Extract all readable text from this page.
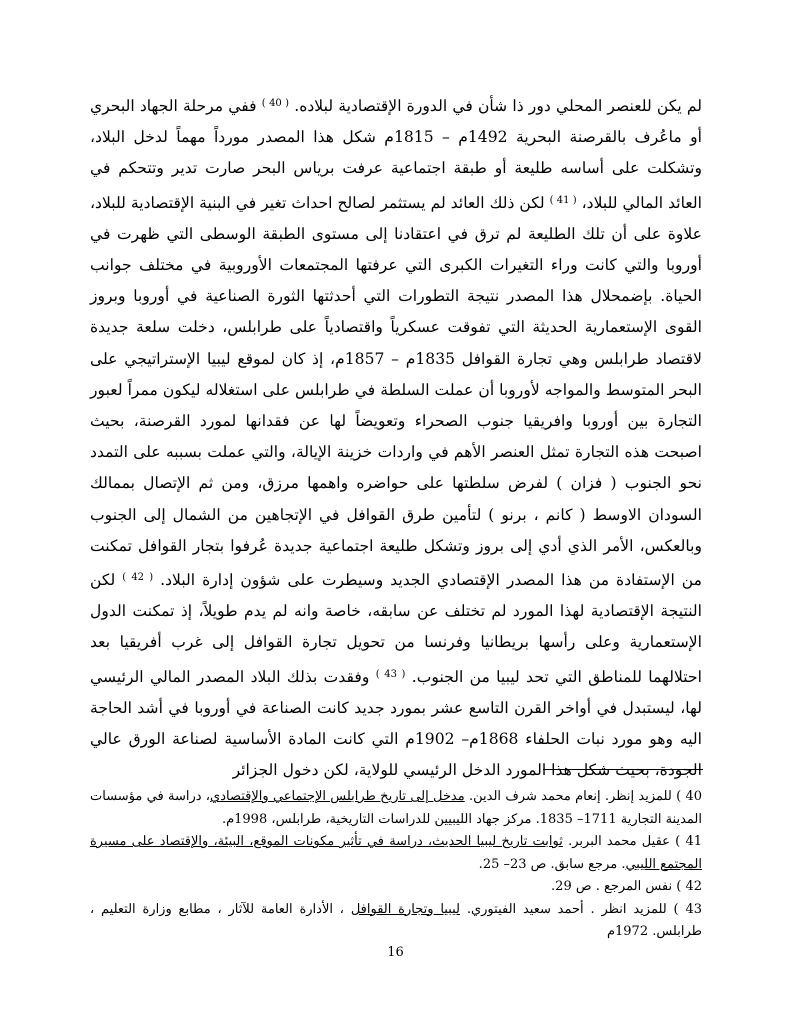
لم يكن للعنصر المحلي دور ذا شأن في الدورة الإقتصادية لبلاده. $^{( 40 )}$ ففي مرحلة الجهاد البحري أو ماعُرف بالقرصنة البحرية 1492م – 1815م شكل هذا المصدر مورداً مهماً لدخل البلاد، وتشكلت على أساسه طليعة أو طبقة اجتماعية عرفت برياس البحر صارت تدير وتتحكم في العائد المالي للبلاد، $^{( 41 )}$ لكن ذلك العائد لم يستثمر لصالح احداث تغير في البنية الإقتصادية للبلاد، علاوة على أن تلك الطليعة لم ترق في اعتقادنا إلى مستوى الطبقة الوسطى التي ظهرت في أوروبا والتي كانت وراء التغيرات الكبرى التي عرفتها المجتمعات الأوروبية في مختلف جوانب الحياة. بإضمحلال هذا المصدر نتيجة التطورات التي أحدثتها الثورة الصناعية في أوروبا وبروز القوى الإستعمارية الحديثة التي تفوقت عسكرياً واقتصادياً على طرابلس، دخلت سلعة جديدة لاقتصاد طرابلس وهي تجارة القوافل 1835م – 1857م، إذ كان لموقع ليبيا الإستراتيجي على البحر المتوسط والمواجه لأوروبا أن عملت السلطة في طرابلس على استغلاله ليكون ممراً لعبور التجارة بين أوروبا وافريقيا جنوب الصحراء وتعويضاً لها عن فقدانها لمورد القرصنة، بحيث اصبحت هذه التجارة تمثل العنصر الأهم في واردات خزينة الإيالة، والتي عملت بسببه على التمدد نحو الجنوب ( فزان ) لفرض سلطتها على حواضره واهمها مرزق، ومن ثم الإتصال بممالك السودان الاوسط ( كانم ، برنو ) لتأمين طرق القوافل في الإتجاهين من الشمال إلى الجنوب وبالعكس، الأمر الذي أدي إلى بروز وتشكل طليعة اجتماعية جديدة عُرفوا بتجار القوافل تمكنت من الإستفادة من هذا المصدر الإقتصادي الجديد وسيطرت على شؤون إدارة البلاد. $^{( 42 )}$ لكن النتيجة الإقتصادية لهذا المورد لم تختلف عن سابقه، خاصة وانه لم يدم طويلاً، إذ تمكنت الدول الإستعمارية وعلى رأسها بريطانيا وفرنسا من تحويل تجارة القوافل إلى غرب أفريقيا بعد احتلالهما للمناطق التي تحد ليبيا من الجنوب. $^{( 43 )}$ وفقدت بذلك البلاد المصدر المالي الرئيسي لها، ليستبدل في أواخر القرن التاسع عشر بمورد جديد كانت الصناعة في أوروبا في أشد الحاجة اليه وهو مورد نبات الحلفاء 1868م– 1902م التي كانت المادة الأساسية لصناعة الورق عالي الجودة، بحيث شكل هذا المورد الدخل الرئيسي للولاية، لكن دخول الجزائر

40 ) للمزيد إنظر. إنعام محمد شرف الدين. مدخل إلى تاريخ طرابلس الإجتماعي والإقتصادي، دراسة في مؤسسات المدينة التجارية 1711– 1835. مركز جهاد الليبيين للدراسات التاريخية، طرابلس، 1998م.

41 ) عقيل محمد البربر. ثوابت تاريخ ليبيا الحديث، دراسة في تأثير مكونات الموقع، البيئة، والإقتصاد على مسيرة المجتمع الليبي. مرجع سابق. ص 23– 25.

42 ) نفس المرجع . ص 29.

43 ) للمزيد انظر . أحمد سعيد الفيتوري. ليبيا وتجارة القوافل ، الأدارة العامة للآثار ، مطابع وزارة التعليم ، طرابلس. 1972م

16
